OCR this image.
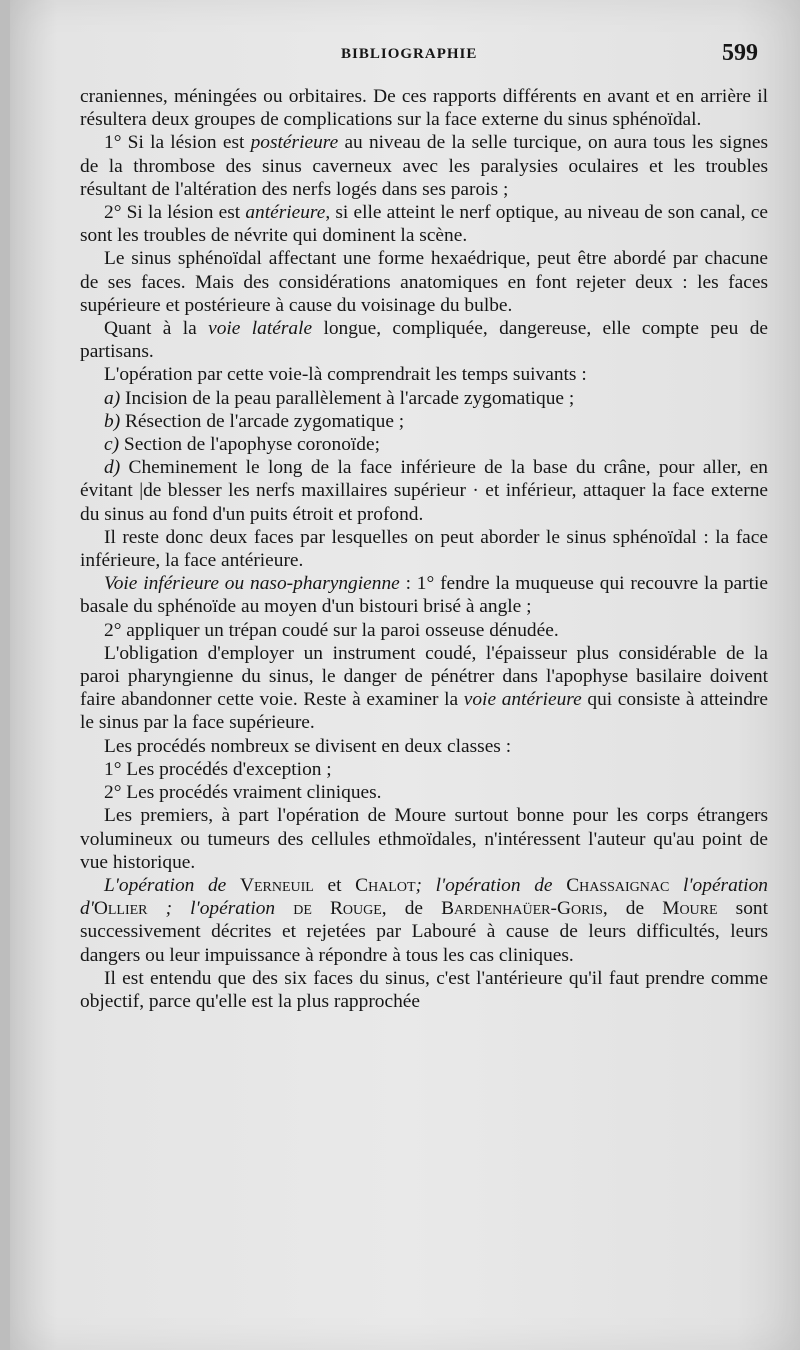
BIBLIOGRAPHIE	599

craniennes, méningées ou orbitaires. De ces rapports différents en avant et en arrière il résultera deux groupes de complications sur la face externe du sinus sphénoïdal.

1° Si la lésion est postérieure au niveau de la selle turcique, on aura tous les signes de la thrombose des sinus caverneux avec les paralysies oculaires et les troubles résultant de l'altération des nerfs logés dans ses parois ;

2° Si la lésion est antérieure, si elle atteint le nerf optique, au niveau de son canal, ce sont les troubles de névrite qui dominent la scène.

Le sinus sphénoïdal affectant une forme hexaédrique, peut être abordé par chacune de ses faces. Mais des considérations anatomiques en font rejeter deux : les faces supérieure et postérieure à cause du voisinage du bulbe.

Quant à la voie latérale longue, compliquée, dangereuse, elle compte peu de partisans.

L'opération par cette voie-là comprendrait les temps suivants :

a) Incision de la peau parallèlement à l'arcade zygomatique ;

b) Résection de l'arcade zygomatique ;

c) Section de l'apophyse coronoïde;

d) Cheminement le long de la face inférieure de la base du crâne, pour aller, en évitant |de blesser les nerfs maxillaires supérieur · et inférieur, attaquer la face externe du sinus au fond d'un puits étroit et profond.

Il reste donc deux faces par lesquelles on peut aborder le sinus sphénoïdal : la face inférieure, la face antérieure.

Voie inférieure ou naso-pharyngienne : 1° fendre la muqueuse qui recouvre la partie basale du sphénoïde au moyen d'un bistouri brisé à angle ;

2° appliquer un trépan coudé sur la paroi osseuse dénudée.

L'obligation d'employer un instrument coudé, l'épaisseur plus considérable de la paroi pharyngienne du sinus, le danger de pénétrer dans l'apophyse basilaire doivent faire abandonner cette voie. Reste à examiner la voie antérieure qui consiste à atteindre le sinus par la face supérieure.

Les procédés nombreux se divisent en deux classes :

1° Les procédés d'exception ;

2° Les procédés vraiment cliniques.

Les premiers, à part l'opération de Moure surtout bonne pour les corps étrangers volumineux ou tumeurs des cellules ethmoïdales, n'intéressent l'auteur qu'au point de vue historique.

L'opération de Verneuil et Chalot; l'opération de Chassaignac l'opération d'Ollier ; l'opération de Rouge, de Bardenhaüer-Goris, de Moure sont successivement décrites et rejetées par Labouré à cause de leurs difficultés, leurs dangers ou leur impuissance à répondre à tous les cas cliniques.

Il est entendu que des six faces du sinus, c'est l'antérieure qu'il faut prendre comme objectif, parce qu'elle est la plus rapprochée
